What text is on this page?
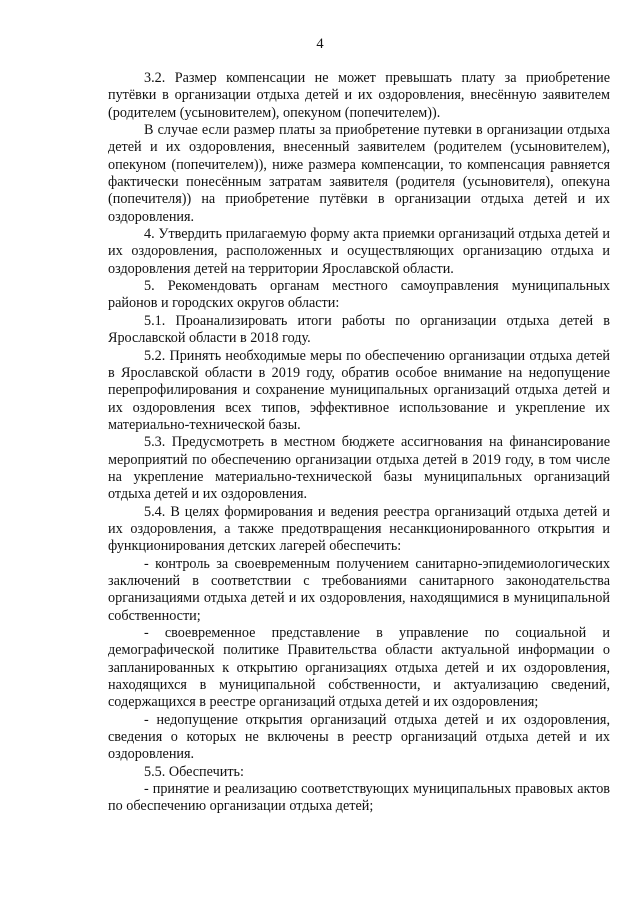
4

3.2. Размер компенсации не может превышать плату за приобретение путёвки в организации отдыха детей и их оздоровления, внесённую заявителем (родителем (усыновителем), опекуном (попечителем)).

В случае если размер платы за приобретение путевки в организации отдыха детей и их оздоровления, внесенный заявителем (родителем (усыновителем), опекуном (попечителем)), ниже размера компенсации, то компенсация равняется фактически понесённым затратам заявителя (родителя (усыновителя), опекуна (попечителя)) на приобретение путёвки в организации отдыха детей и их оздоровления.

4. Утвердить прилагаемую форму акта приемки организаций отдыха детей и их оздоровления, расположенных и осуществляющих организацию отдыха и оздоровления детей на территории Ярославской области.

5. Рекомендовать органам местного самоуправления муниципальных районов и городских округов области:

5.1. Проанализировать итоги работы по организации отдыха детей в Ярославской области в 2018 году.

5.2. Принять необходимые меры по обеспечению организации отдыха детей в Ярославской области в 2019 году, обратив особое внимание на недопущение перепрофилирования и сохранение муниципальных организаций отдыха детей и их оздоровления всех типов, эффективное использование и укрепление их материально-технической базы.

5.3. Предусмотреть в местном бюджете ассигнования на финансирование мероприятий по обеспечению организации отдыха детей в 2019 году, в том числе на укрепление материально-технической базы муниципальных организаций отдыха детей и их оздоровления.

5.4. В целях формирования и ведения реестра организаций отдыха детей и их оздоровления, а также предотвращения несанкционированного открытия и функционирования детских лагерей обеспечить:

- контроль за своевременным получением санитарно-эпидемиологических заключений в соответствии с требованиями санитарного законодательства организациями отдыха детей и их оздоровления, находящимися в муниципальной собственности;

- своевременное представление в управление по социальной и демографической политике Правительства области актуальной информации о запланированных к открытию организациях отдыха детей и их оздоровления, находящихся в муниципальной собственности, и актуализацию сведений, содержащихся в реестре организаций отдыха детей и их оздоровления;

- недопущение открытия организаций отдыха детей и их оздоровления, сведения о которых не включены в реестр организаций отдыха детей и их оздоровления.

5.5. Обеспечить:

- принятие и реализацию соответствующих муниципальных правовых актов по обеспечению организации отдыха детей;
